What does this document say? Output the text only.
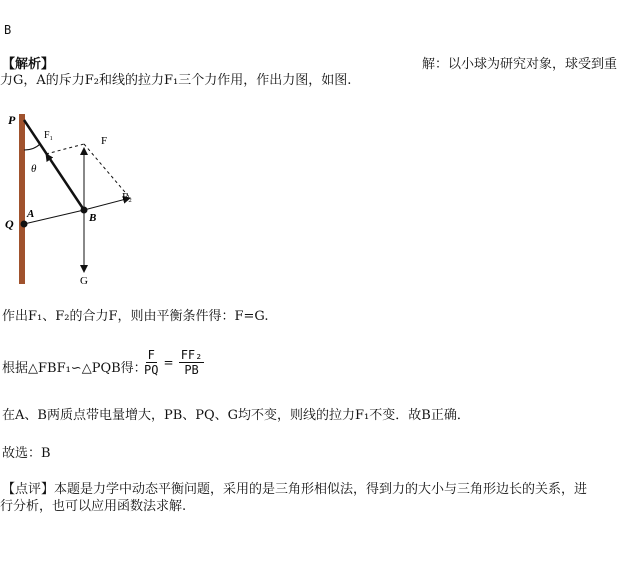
B
【解析】	解：以小球为研究对象，球受到重
力G，A的斥力F₂和线的拉力F₁三个力作用，作出力图，如图.
P
Q
A	B
F₁	F
F₂
θ
G
作出F₁、F₂的合力F，则由平衡条件得：F=G.
根据△FBF₁∽△PQB得：
$\frac{F}{PQ} = \frac{\text{FF₂}}{PB}$
在A、B两质点带电量增大，PB、PQ、G均不变，则线的拉力F₁不变．故B正确．
故选：B
【点评】本题是力学中动态平衡问题，采用的是三角形相似法，得到力的大小与三角形边长的关系，进
行分析，也可以应用函数法求解.
